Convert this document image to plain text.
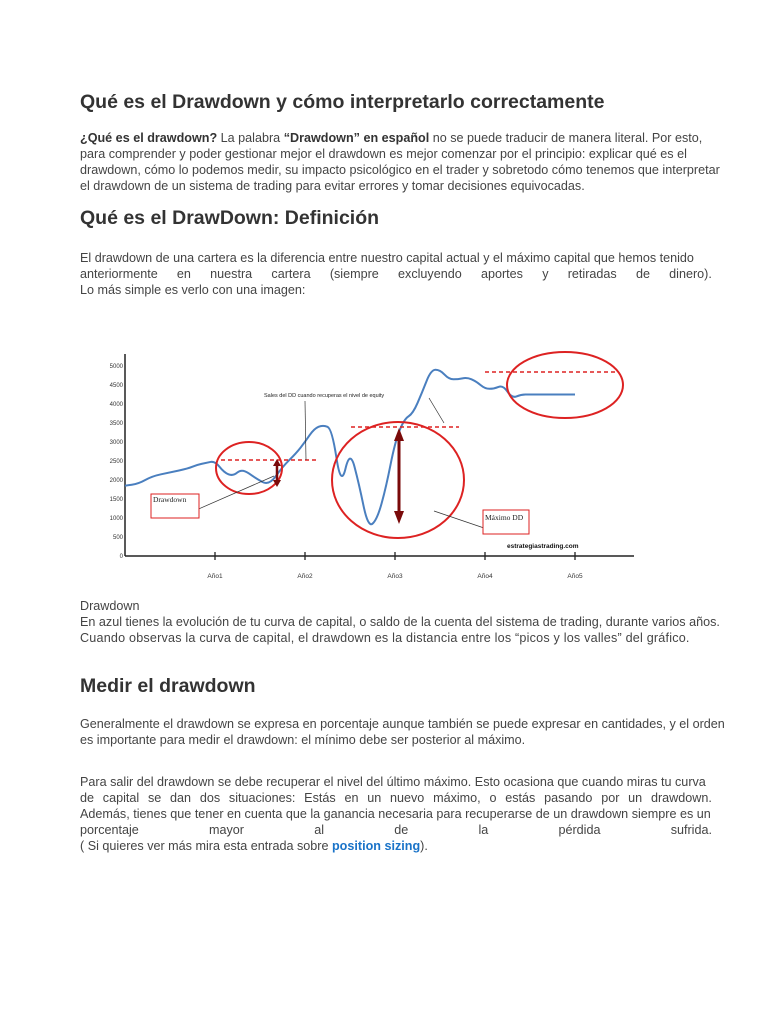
Qué es el Drawdown y cómo interpretarlo correctamente

¿Qué es el drawdown? La palabra “Drawdown” en español no se puede traducir de manera literal. Por esto,
para comprender y poder gestionar mejor el drawdown es mejor comenzar por el principio: explicar qué es el
drawdown, cómo lo podemos medir, su impacto psicológico en el trader y sobretodo cómo tenemos que interpretar
el drawdown de un sistema de trading para evitar errores y tomar decisiones equivocadas.

Qué es el DrawDown: Definición

El drawdown de una cartera es la diferencia entre nuestro capital actual y el máximo capital que hemos tenido
anteriormente en nuestra cartera (siempre excluyendo aportes y retiradas de dinero).
Lo más simple es verlo con una imagen:

Drawdown
En azul tienes la evolución de tu curva de capital, o saldo de la cuenta del sistema de trading, durante varios años.
Cuando observas la curva de capital, el drawdown es la distancia entre los “picos y los valles” del gráfico.

Medir el drawdown

Generalmente el drawdown se expresa en porcentaje aunque también se puede expresar en cantidades, y el orden
es importante para medir el drawdown: el mínimo debe ser posterior al máximo.

Para salir del drawdown se debe recuperar el nivel del último máximo. Esto ocasiona que cuando miras tu curva
de capital se dan dos situaciones: Estás en un nuevo máximo, o estás pasando por un drawdown.
Además, tienes que tener en cuenta que la ganancia necesaria para recuperarse de un drawdown siempre es un
porcentaje	mayor	al	de	la	pérdida	sufrida.
( Si quieres ver más mira esta entrada sobre position sizing).

0
500
1000
1500
2000
2500
3000
3500
4000
4500
5000
Año1	Año2	Año3	Año4	Año5
Drawdown
Máximo DD
Sales del DD cuando recuperas el nivel de equity
estrategiastrading.com
